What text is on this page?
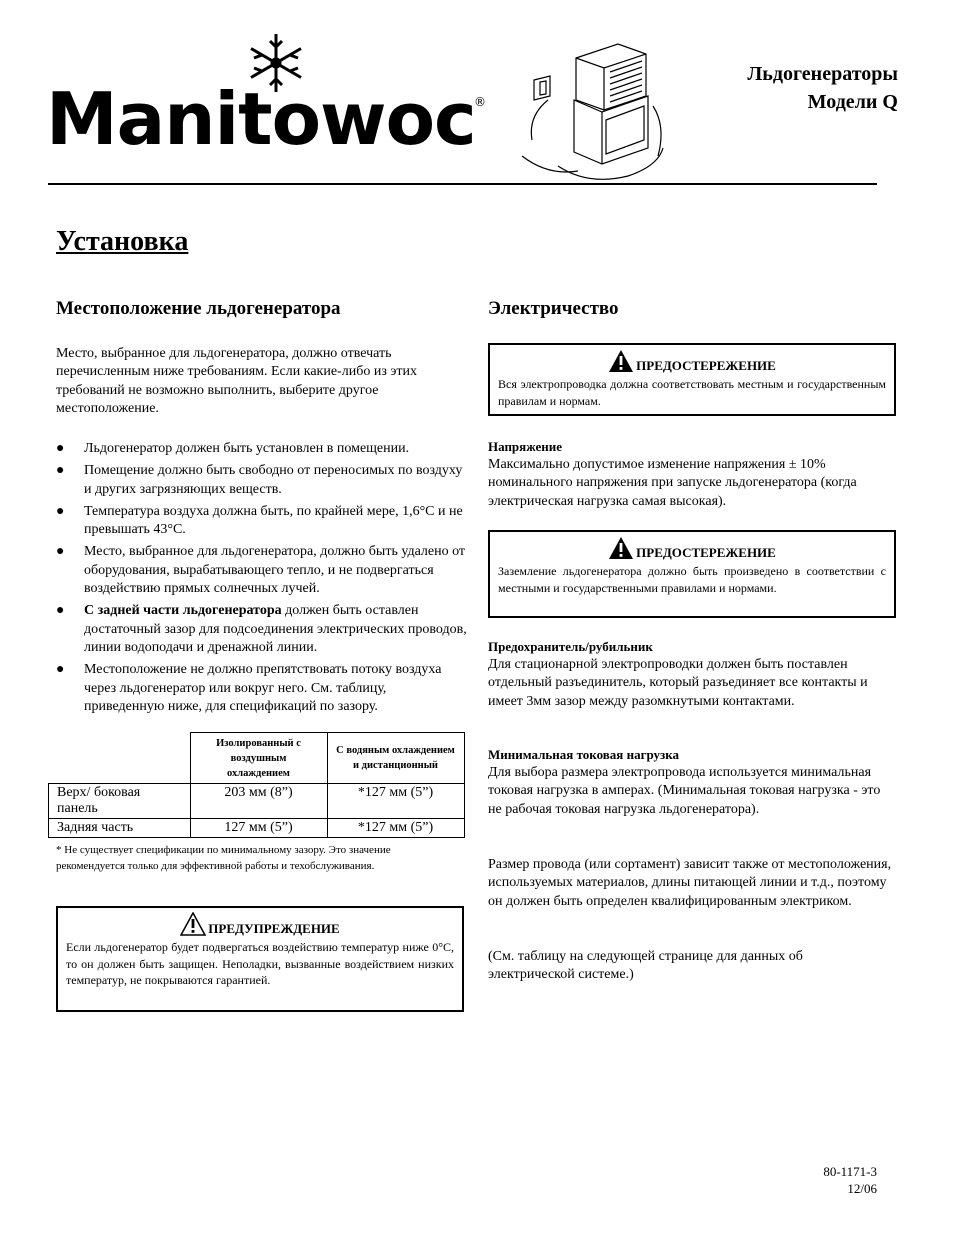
Manitowoc
®
Льдогенераторы
Модели Q
Установка
Местоположение льдогенератора
Место, выбранное для льдогенератора, должно отвечать перечисленным ниже требованиям. Если какие-либо из этих требований не возможно выполнить, выберите другое местоположение.
● Льдогенератор должен быть установлен в помещении.
● Помещение должно быть свободно от переносимых по воздуху и других загрязняющих веществ.
● Температура воздуха должна быть, по крайней мере, 1,6°C и не превышать 43°C.
● Место, выбранное для льдогенератора, должно быть удалено от оборудования, вырабатывающего тепло, и не подвергаться воздействию прямых солнечных лучей.
● С задней части льдогенератора должен быть оставлен достаточный зазор для подсоединения электрических проводов, линии водоподачи и дренажной линии.
● Местоположение не должно препятствовать потоку воздуха через льдогенератор или вокруг него. См. таблицу, приведенную ниже, для спецификаций по зазору.
	Изолированный с воздушным охлаждением	С водяным охлаждением и дистанционный
Верх/ боковая панель	203 мм (8”)	*127 мм (5”)
Задняя часть	127 мм (5”)	*127 мм (5”)
* Не существует спецификации по минимальному зазору. Это значение рекомендуется только для эффективной работы и техобслуживания.
ПРЕДУПРЕЖДЕНИЕ
Если льдогенератор будет подвергаться воздействию температур ниже 0°C, то он должен быть защищен. Неполадки, вызванные воздействием низких температур, не покрываются гарантией.
Электричество
ПРЕДОСТЕРЕЖЕНИЕ
Вся электропроводка должна соответствовать местным и государственным правилам и нормам.
Напряжение
Максимально допустимое изменение напряжения ± 10% номинального напряжения при запуске льдогенератора (когда электрическая нагрузка самая высокая).
ПРЕДОСТЕРЕЖЕНИЕ
Заземление льдогенератора должно быть произведено в соответствии с местными и государственными правилами и нормами.
Предохранитель/рубильник
Для стационарной электропроводки должен быть поставлен отдельный разъединитель, который разъединяет все контакты и имеет 3мм зазор между разомкнутыми контактами.
Минимальная токовая нагрузка
Для выбора размера электропровода используется минимальная токовая нагрузка в амперах. (Минимальная токовая нагрузка - это не рабочая токовая нагрузка льдогенератора).
Размер провода (или сортамент) зависит также от местоположения, используемых материалов, длины питающей линии и т.д., поэтому он должен быть определен квалифицированным электриком.
(См. таблицу на следующей странице для данных об электрической системе.)
80-1171-3
12/06
